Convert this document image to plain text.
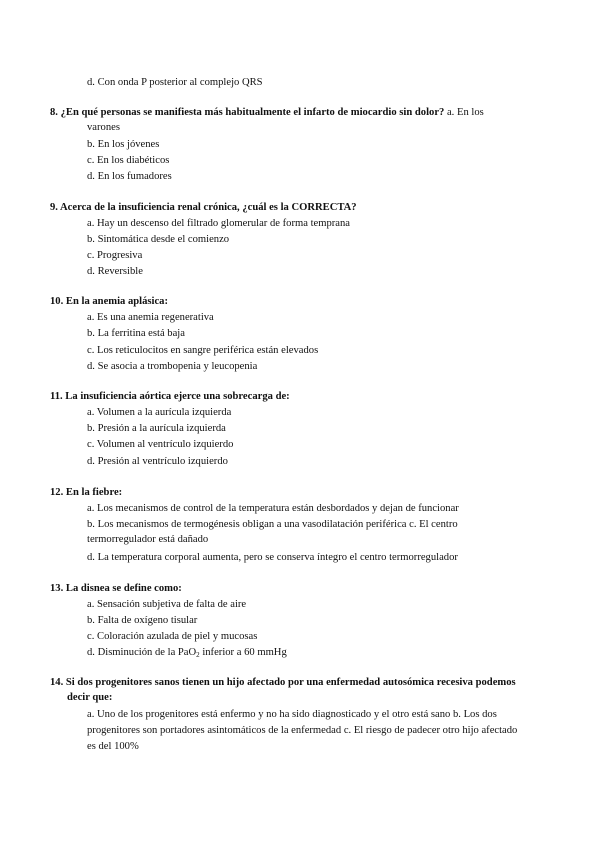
d. Con onda P posterior al complejo QRS
8. ¿En qué personas se manifiesta más habitualmente el infarto de miocardio sin dolor? a. En los
varones
b. En los jóvenes
c. En los diabéticos
d. En los fumadores
9. Acerca de la insuficiencia renal crónica, ¿cuál es la CORRECTA?
a. Hay un descenso del filtrado glomerular de forma temprana
b. Sintomática desde el comienzo
c. Progresiva
d. Reversible
10. En la anemia aplásica:
a. Es una anemia regenerativa
b. La ferritina está baja
c. Los reticulocitos en sangre periférica están elevados
d. Se asocia a trombopenia y leucopenia
11. La insuficiencia aórtica ejerce una sobrecarga de:
a. Volumen a la aurícula izquierda
b. Presión a la aurícula izquierda
c. Volumen al ventrículo izquierdo
d. Presión al ventrículo izquierdo
12. En la fiebre:
a. Los mecanismos de control de la temperatura están desbordados y dejan de funcionar
b. Los mecanismos de termogénesis obligan a una vasodilatación periférica c. El centro
termorregulador está dañado
d. La temperatura corporal aumenta, pero se conserva íntegro el centro termorregulador
13. La disnea se define como:
a. Sensación subjetiva de falta de aire
b. Falta de oxígeno tisular
c. Coloración azulada de piel y mucosas
d. Disminución de la PaO$_2$ inferior a 60 mmHg
14. Si dos progenitores sanos tienen un hijo afectado por una enfermedad autosómica recesiva podemos
decir que:
a. Uno de los progenitores está enfermo y no ha sido diagnosticado y el otro está sano b. Los dos
progenitores son portadores asintomáticos de la enfermedad c. El riesgo de padecer otro hijo afectado
es del 100%
